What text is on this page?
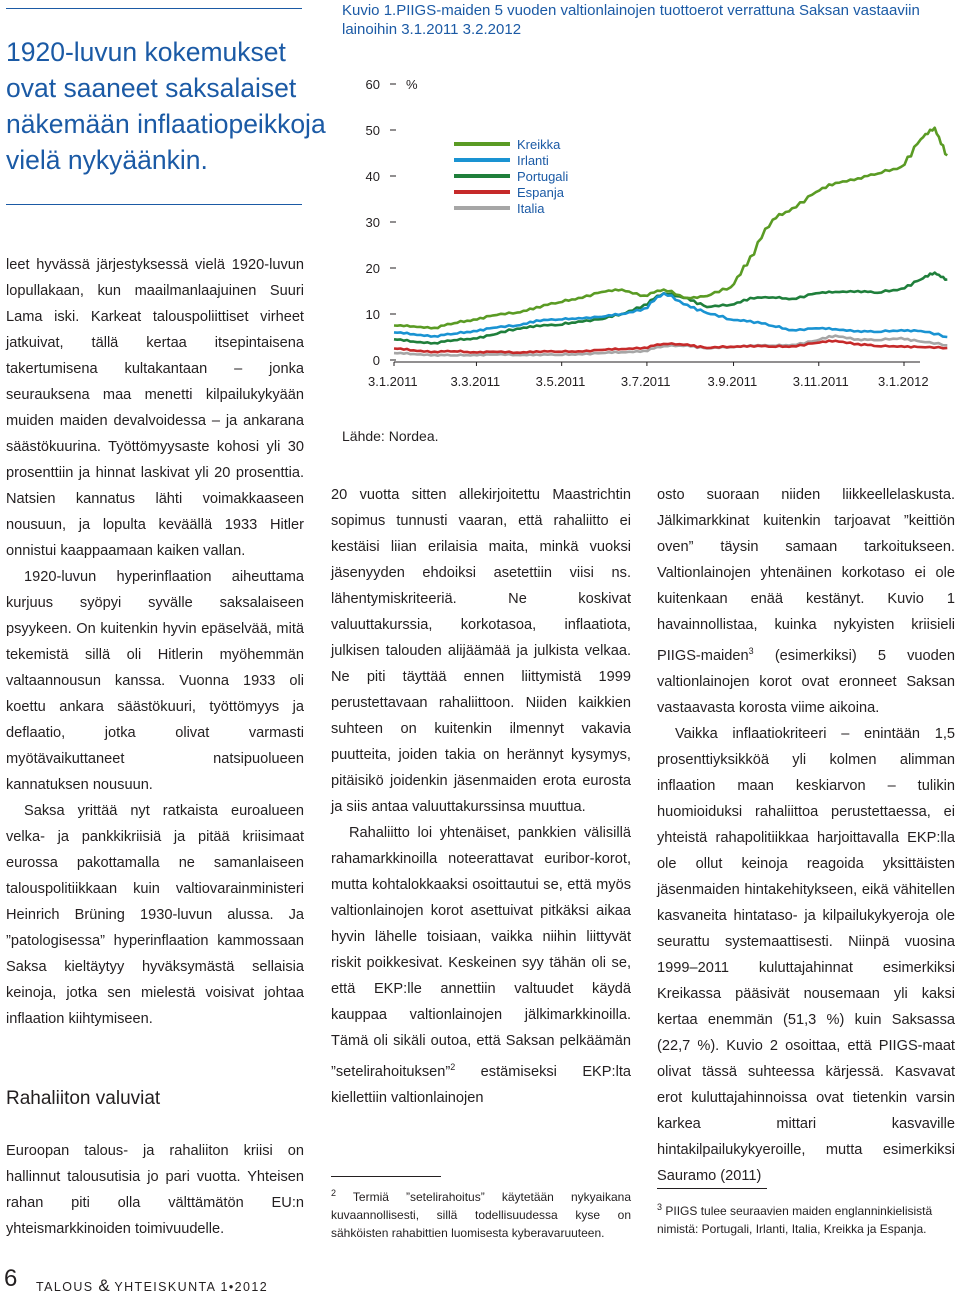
1920-luvun kokemukset
ovat saaneet saksalaiset
näkemään inflaatiopeikkoja
vielä nykyäänkin.

leet hyvässä järjestyksessä vielä 1920-luvun lopullakaan, kun maailmanlaajuinen Suuri Lama iski. Karkeat talouspoliittiset virheet jatkuivat, tällä kertaa itsepintaisena takertumisena kultakantaan – jonka seurauksena maa menetti kilpailukykyään muiden maiden devalvoidessa – ja ankarana säästökuurina. Työttömyysaste kohosi yli 30 prosenttiin ja hinnat laskivat yli 20 prosenttia. Natsien kannatus lähti voimakkaaseen nousuun, ja lopulta keväällä 1933 Hitler onnistui kaappaamaan kaiken vallan.

1920-luvun hyperinflaation aiheuttama kurjuus syöpyi syvälle saksalaiseen psyykeen. On kuitenkin hyvin epäselvää, mitä tekemistä sillä oli Hitlerin myöhemmän valtaannousun kanssa. Vuonna 1933 oli koettu ankara säästökuuri, työttömyys ja deflaatio, jotka olivat varmasti myötävaikuttaneet natsipuolueen kannatuksen nousuun.

Saksa yrittää nyt ratkaista euroalueen velka- ja pankkikriisiä ja pitää kriisimaat eurossa pakottamalla ne samanlaiseen talouspolitiikkaan kuin valtiovarainministeri Heinrich Brüning 1930-luvun alussa. Ja ”patologisessa” hyperinflaation kammossaan Saksa kieltäytyy hyväksymästä sellaisia keinoja, jotka sen mielestä voisivat johtaa inflaation kiihtymiseen.

Rahaliiton valuviat

Euroopan talous- ja rahaliiton kriisi on hallinnut talousutisia jo pari vuotta. Yhteisen rahan piti olla välttämätön EU:n yhteismarkkinoiden toimivuudelle.

Kuvio 1.PIIGS-maiden 5 vuoden valtionlainojen tuottoerot verrattuna Saksan vastaaviin lainoihin 3.1.2011 3.2.2012
0
10
20
30
40
50
60 %
3.1.2011	3.3.2011	3.5.2011	3.7.2011	3.9.2011	3.11.2011 3.1.2012
Kreikka
Irlanti
Portugali
Espanja
Italia
Lähde: Nordea.

20 vuotta sitten allekirjoitettu Maastrichtin sopimus tunnusti vaaran, että rahaliitto ei kestäisi liian erilaisia maita, minkä vuoksi jäsenyyden ehdoiksi asetettiin viisi ns. lähentymiskriteeriä. Ne koskivat valuuttakurssia, korkotasoa, inflaatiota, julkisen talouden alijäämää ja julkista velkaa. Ne piti täyttää ennen liittymistä 1999 perustettavaan rahaliittoon. Niiden kaikkien suhteen on kuitenkin ilmennyt vakavia puutteita, joiden takia on herännyt kysymys, pitäisikö joidenkin jäsenmaiden erota eurosta ja siis antaa valuuttakurssinsa muuttua.

Rahaliitto loi yhtenäiset, pankkien välisillä rahamarkkinoilla noteerattavat euribor-korot, mutta kohtalokkaaksi osoittautui se, että myös valtionlainojen korot asettuivat pitkäksi aikaa hyvin lähelle toisiaan, vaikka niihin liittyvät riskit poikkesivat. Keskeinen syy tähän oli se, että EKP:lle annettiin valtuudet käydä kauppaa valtionlainojen jälkimarkkinoilla. Tämä oli sikäli outoa, että Saksan pelkäämän ”setelirahoituksen”$^2$ estämiseksi EKP:lta kiellettiin valtionlainojen

$^2$ Termiä ”setelirahoitus” käytetään nykyaikana kuvaannollisesti, sillä todellisuudessa kyse on sähköisten rahabittien luomisesta kyberavaruuteen.

osto suoraan niiden liikkeellelaskusta. Jälkimarkkinat kuitenkin tarjoavat ”keittiön oven” täysin samaan tarkoitukseen. Valtionlainojen yhtenäinen korkotaso ei ole kuitenkaan enää kestänyt. Kuvio 1 havainnollistaa, kuinka nykyisten kriisieli PIIGS-maiden$^3$ (esimerkiksi) 5 vuoden valtionlainojen korot ovat eronneet Saksan vastaavasta korosta viime aikoina.

Vaikka inflaatiokriteeri – enintään 1,5 prosenttiyksikköä yli kolmen alimman inflaation maan keskiarvon – tulikin huomioiduksi rahaliittoa perustettaessa, ei yhteistä rahapolitiikkaa harjoittavalla EKP:lla ole ollut keinoja reagoida yksittäisten jäsenmaiden hintakehitykseen, eikä vähitellen kasvaneita hintataso- ja kilpailukykyeroja ole seurattu systemaattisesti. Niinpä vuosina 1999–2011 kuluttajahinnat esimerkiksi Kreikassa pääsivät nousemaan yli kaksi kertaa enemmän (51,3 %) kuin Saksassa (22,7 %). Kuvio 2 osoittaa, että PIIGS-maat olivat tässä suhteessa kärjessä. Kasvavat erot kuluttajahinnoissa ovat tietenkin varsin karkea mittari kasvaville hintakilpailukykyeroille, mutta esimerkiksi Sauramo (2011)

$^3$ PIIGS tulee seuraavien maiden englanninkielisistä nimistä: Portugali, Irlanti, Italia, Kreikka ja Espanja.
6 TALOUS & YHTEISKUNTA 1•2012
